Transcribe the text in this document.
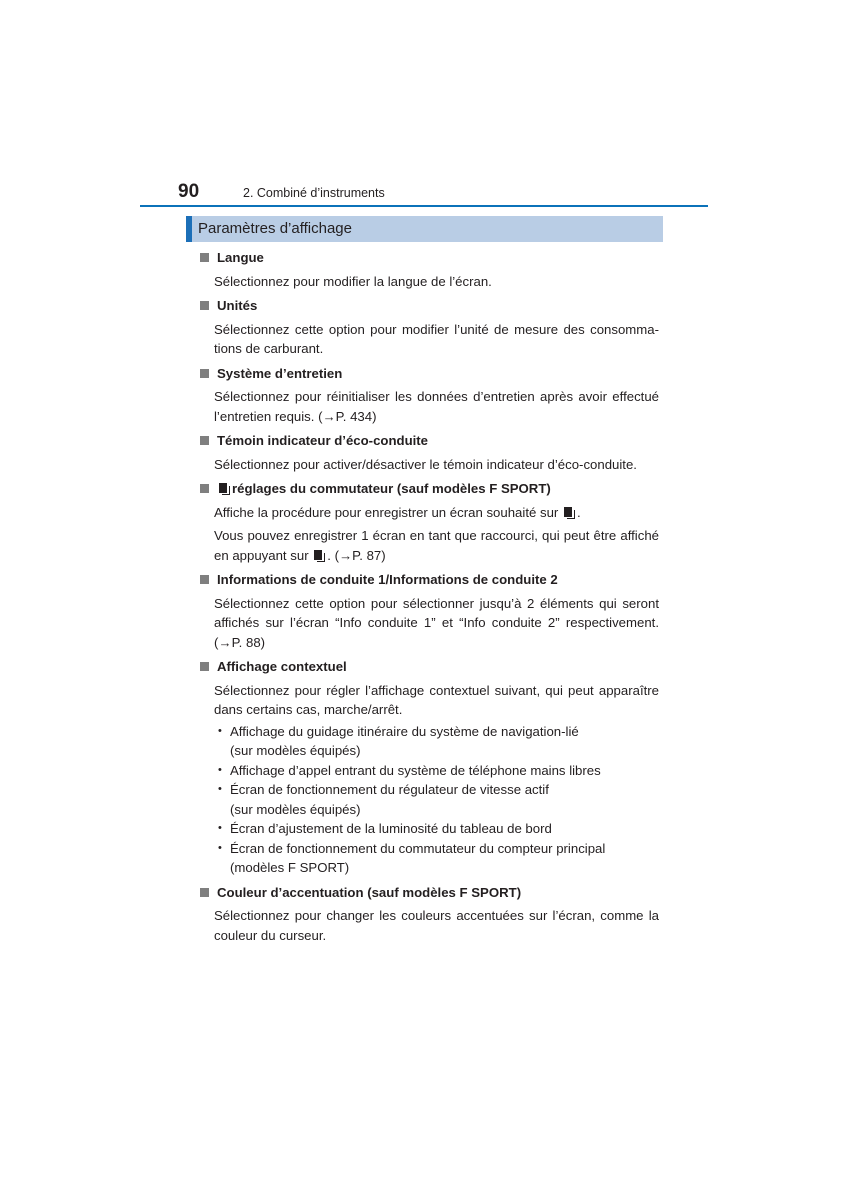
90	2. Combiné d’instruments
Paramètres d’affichage
Langue
Sélectionnez pour modifier la langue de l’écran.
Unités
Sélectionnez cette option pour modifier l’unité de mesure des consomma-tions de carburant.
Système d’entretien
Sélectionnez pour réinitialiser les données d’entretien après avoir effectué l’entretien requis. (→P. 434)
Témoin indicateur d’éco-conduite
Sélectionnez pour activer/désactiver le témoin indicateur d’éco-conduite.
réglages du commutateur (sauf modèles F SPORT)
Affiche la procédure pour enregistrer un écran souhaité sur .
Vous pouvez enregistrer 1 écran en tant que raccourci, qui peut être affiché en appuyant sur . (→P. 87)
Informations de conduite 1/Informations de conduite 2
Sélectionnez cette option pour sélectionner jusqu’à 2 éléments qui seront affichés sur l’écran “Info conduite 1” et “Info conduite 2” respectivement. (→P. 88)
Affichage contextuel
Sélectionnez pour régler l’affichage contextuel suivant, qui peut apparaître dans certains cas, marche/arrêt.
• Affichage du guidage itinéraire du système de navigation-lié
(sur modèles équipés)
• Affichage d’appel entrant du système de téléphone mains libres
• Écran de fonctionnement du régulateur de vitesse actif
(sur modèles équipés)
• Écran d’ajustement de la luminosité du tableau de bord
• Écran de fonctionnement du commutateur du compteur principal
(modèles F SPORT)
Couleur d’accentuation (sauf modèles F SPORT)
Sélectionnez pour changer les couleurs accentuées sur l’écran, comme la couleur du curseur.
